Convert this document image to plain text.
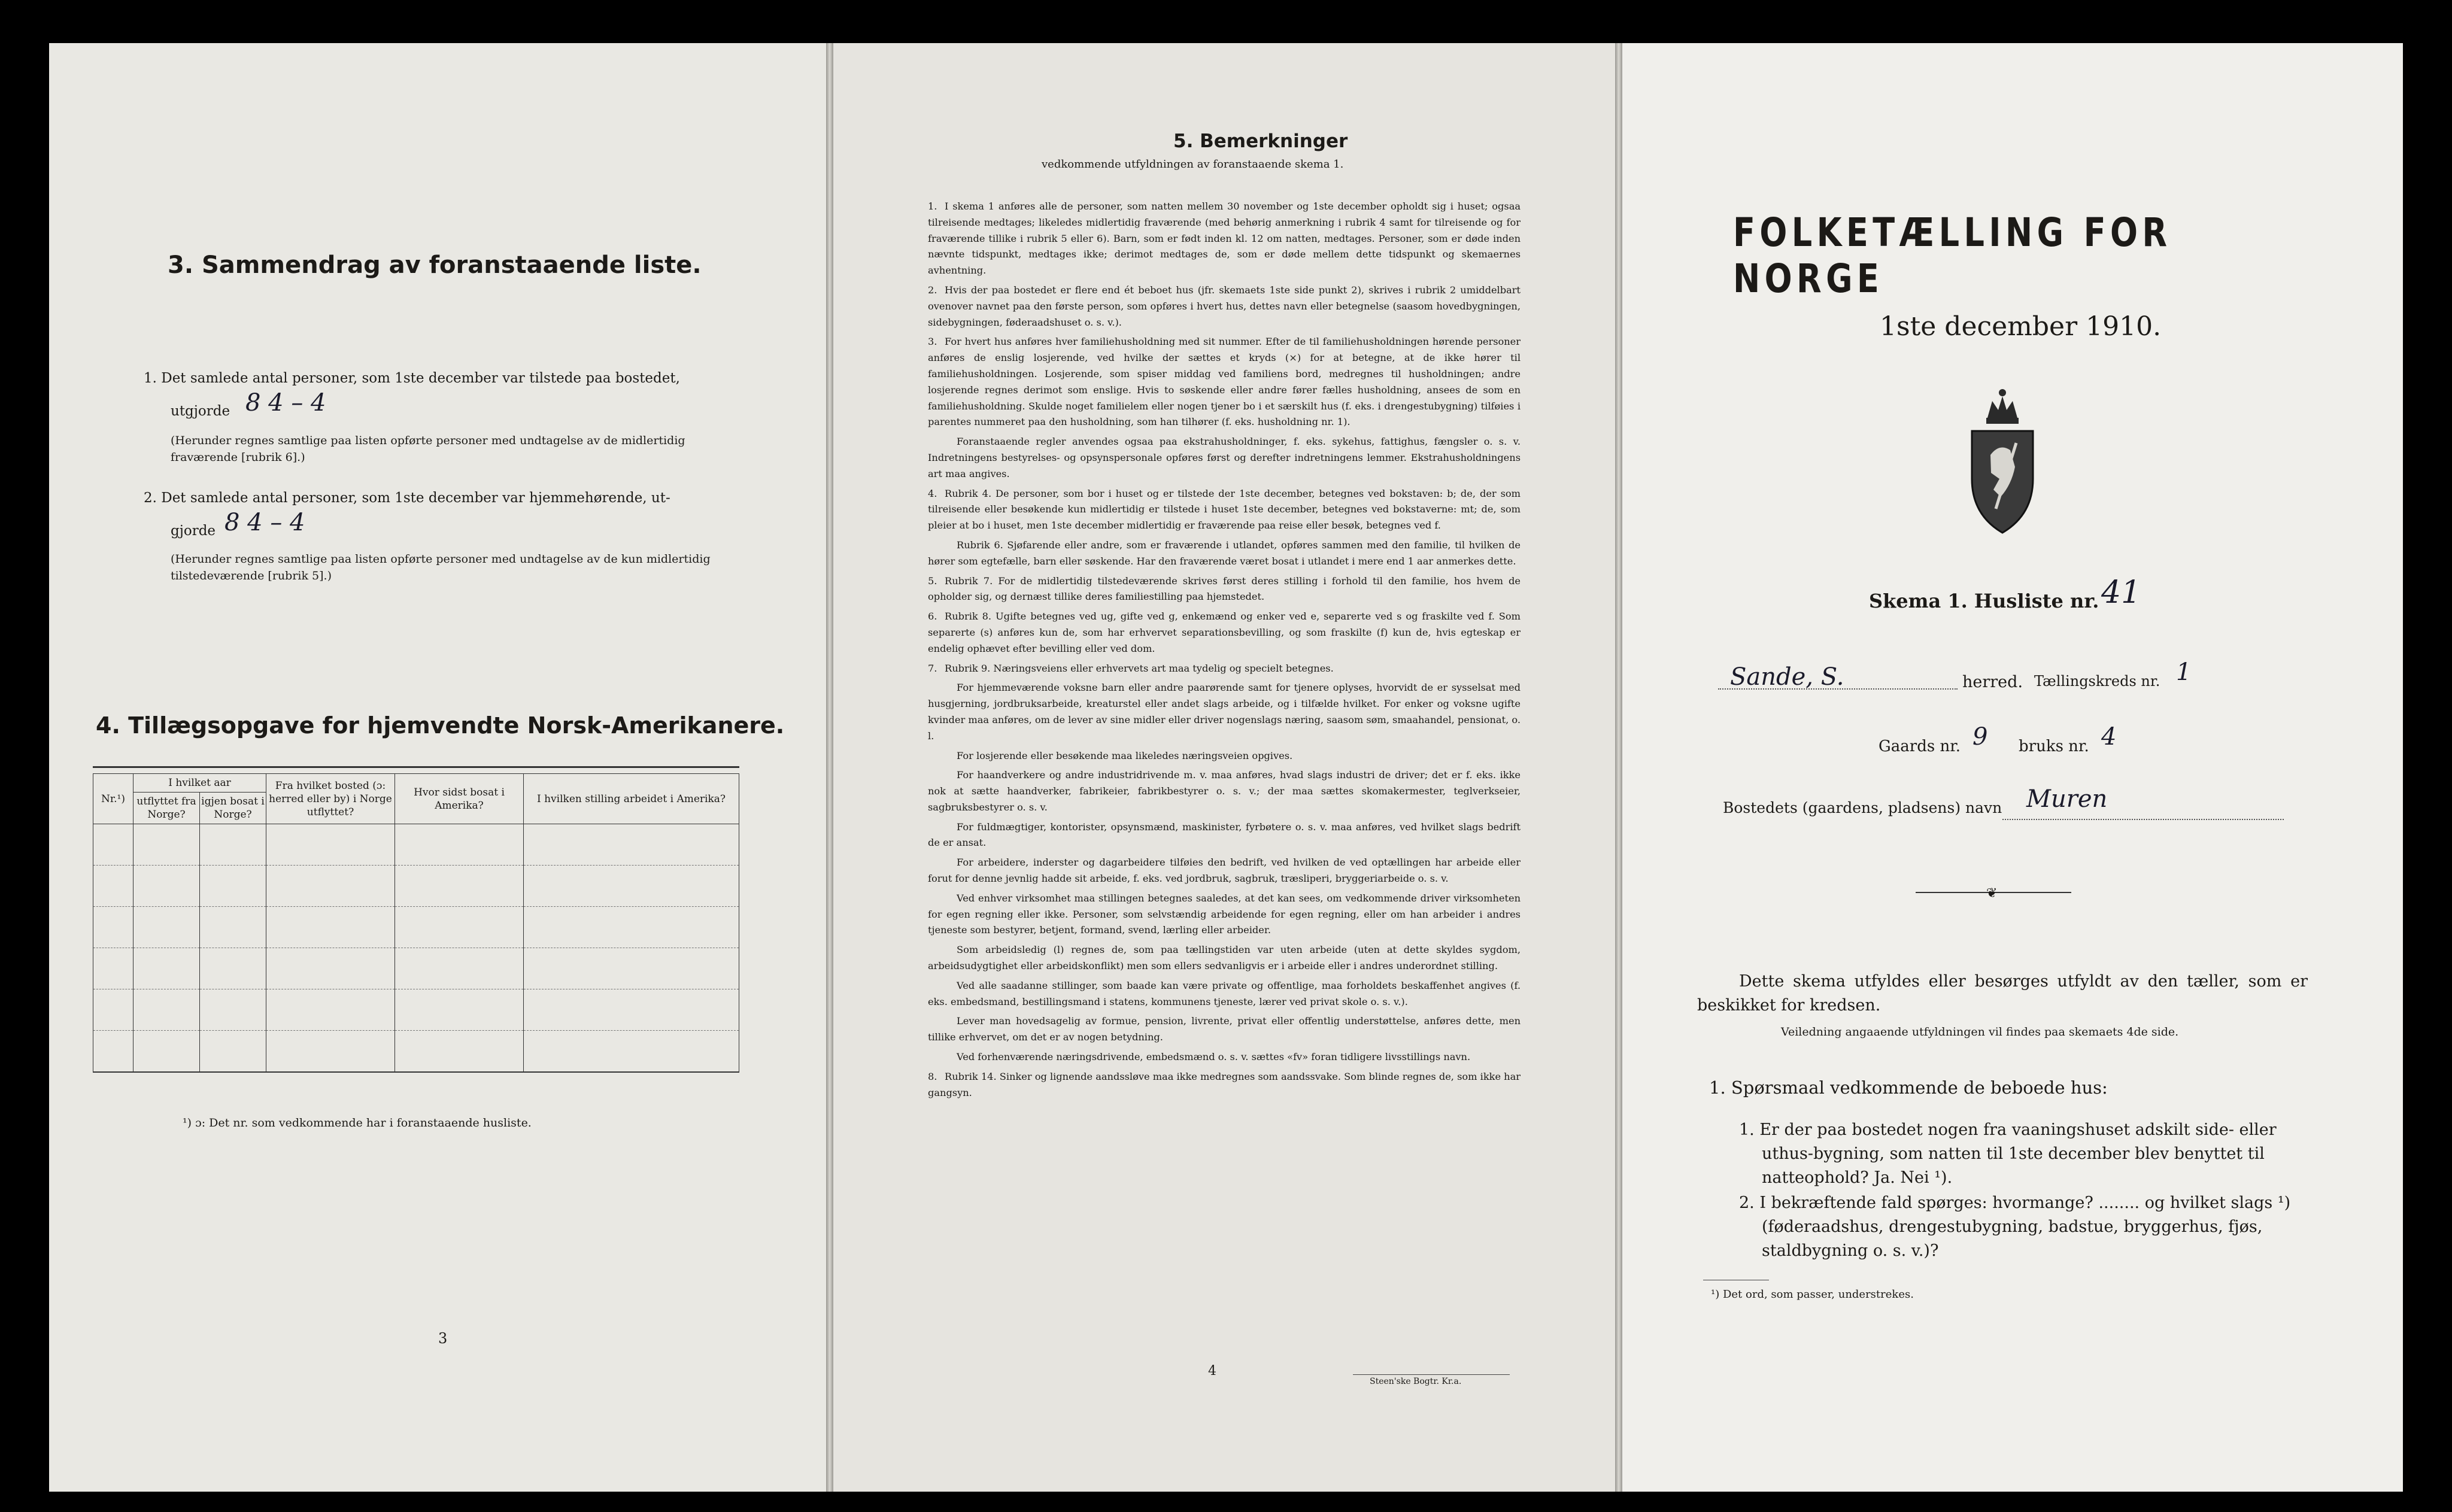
3. Sammendrag av foranstaaende liste.
1. Det samlede antal personer, som 1ste december var tilstede paa bostedet,
utgjorde 8 4 – 4
(Herunder regnes samtlige paa listen opførte personer med undtagelse av de midlertidig fraværende [rubrik 6].)
2. Det samlede antal personer, som 1ste december var hjemmehørende, ut-
gjorde 8 4 – 4
(Herunder regnes samtlige paa listen opførte personer med undtagelse av de kun midlertidig tilstedeværende [rubrik 5].)
4. Tillægsopgave for hjemvendte Norsk-Amerikanere.
Nr.¹)	I hvilket aar		Fra hvilket bosted (ɔ: herred eller by) i Norge utflyttet?	Hvor sidst bosat i Amerika?	I hvilken stilling arbeidet i Amerika?
	utflyttet fra Norge?	igjen bosat i Norge?			

¹) ɔ: Det nr. som vedkommende har i foranstaaende husliste.
3
5. Bemerkninger
vedkommende utfyldningen av foranstaaende skema 1.

1. I skema 1 anføres alle de personer, som natten mellem 30 november og 1ste december opholdt sig i huset; ogsaa tilreisende medtages; likeledes midlertidig fraværende (med behørig anmerkning i rubrik 4 samt for tilreisende og for fraværende tillike i rubrik 5 eller 6). Barn, som er født inden kl. 12 om natten, medtages. Personer, som er døde inden nævnte tidspunkt, medtages ikke; derimot medtages de, som er døde mellem dette tidspunkt og skemaernes avhentning.

2. Hvis der paa bostedet er flere end ét beboet hus (jfr. skemaets 1ste side punkt 2), skrives i rubrik 2 umiddelbart ovenover navnet paa den første person, som opføres i hvert hus, dettes navn eller betegnelse (saasom hovedbygningen, sidebygningen, føderaadshuset o. s. v.).

3. For hvert hus anføres hver familiehusholdning med sit nummer. Efter de til familiehusholdningen hørende personer anføres de enslig losjerende, ved hvilke der sættes et kryds (×) for at betegne, at de ikke hører til familiehusholdningen. Losjerende, som spiser middag ved familiens bord, medregnes til husholdningen; andre losjerende regnes derimot som enslige. Hvis to søskende eller andre fører fælles husholdning, ansees de som en familiehusholdning. Skulde noget familielem eller nogen tjener bo i et særskilt hus (f. eks. i drengestubygning) tilføies i parentes nummeret paa den husholdning, som han tilhører (f. eks. husholdning nr. 1).

Foranstaaende regler anvendes ogsaa paa ekstrahusholdninger, f. eks. sykehus, fattighus, fængsler o. s. v. Indretningens bestyrelses- og opsynspersonale opføres først og derefter indretningens lemmer. Ekstrahusholdningens art maa angives.

4. Rubrik 4. De personer, som bor i huset og er tilstede der 1ste december, betegnes ved bokstaven: b; de, der som tilreisende eller besøkende kun midlertidig er tilstede i huset 1ste december, betegnes ved bokstaverne: mt; de, som pleier at bo i huset, men 1ste december midlertidig er fraværende paa reise eller besøk, betegnes ved f.

Rubrik 6. Sjøfarende eller andre, som er fraværende i utlandet, opføres sammen med den familie, til hvilken de hører som egtefælle, barn eller søskende. Har den fraværende været bosat i utlandet i mere end 1 aar anmerkes dette.

5. Rubrik 7. For de midlertidig tilstedeværende skrives først deres stilling i forhold til den familie, hos hvem de opholder sig, og dernæst tillike deres familiestilling paa hjemstedet.

6. Rubrik 8. Ugifte betegnes ved ug, gifte ved g, enkemænd og enker ved e, separerte ved s og fraskilte ved f. Som separerte (s) anføres kun de, som har erhvervet separationsbevilling, og som fraskilte (f) kun de, hvis egteskap er endelig ophævet efter bevilling eller ved dom.

7. Rubrik 9. Næringsveiens eller erhvervets art maa tydelig og specielt betegnes.

For hjemmeværende voksne barn eller andre paarørende samt for tjenere oplyses, hvorvidt de er sysselsat med husgjerning, jordbruksarbeide, kreaturstel eller andet slags arbeide, og i tilfælde hvilket. For enker og voksne ugifte kvinder maa anføres, om de lever av sine midler eller driver nogenslags næring, saasom søm, smaahandel, pensionat, o. l.

For losjerende eller besøkende maa likeledes næringsveien opgives.

For haandverkere og andre industridrivende m. v. maa anføres, hvad slags industri de driver; det er f. eks. ikke nok at sætte haandverker, fabrikeier, fabrikbestyrer o. s. v.; der maa sættes skomakermester, teglverkseier, sagbruksbestyrer o. s. v.

For fuldmægtiger, kontorister, opsynsmænd, maskinister, fyrbøtere o. s. v. maa anføres, ved hvilket slags bedrift de er ansat.

For arbeidere, inderster og dagarbeidere tilføies den bedrift, ved hvilken de ved optællingen har arbeide eller forut for denne jevnlig hadde sit arbeide, f. eks. ved jordbruk, sagbruk, træsliperi, bryggeriarbeide o. s. v.

Ved enhver virksomhet maa stillingen betegnes saaledes, at det kan sees, om vedkommende driver virksomheten for egen regning eller ikke. Personer, som selvstændig arbeidende for egen regning, eller om han arbeider i andres tjeneste som bestyrer, betjent, formand, svend, lærling eller arbeider.

Som arbeidsledig (l) regnes de, som paa tællingstiden var uten arbeide (uten at dette skyldes sygdom, arbeidsudygtighet eller arbeidskonflikt) men som ellers sedvanligvis er i arbeide eller i andres underordnet stilling.

Ved alle saadanne stillinger, som baade kan være private og offentlige, maa forholdets beskaffenhet angives (f. eks. embedsmand, bestillingsmand i statens, kommunens tjeneste, lærer ved privat skole o. s. v.).

Lever man hovedsagelig av formue, pension, livrente, privat eller offentlig understøttelse, anføres dette, men tillike erhvervet, om det er av nogen betydning.

Ved forhenværende næringsdrivende, embedsmænd o. s. v. sættes «fv» foran tidligere livsstillings navn.

8. Rubrik 14. Sinker og lignende aandssløve maa ikke medregnes som aandssvake. Som blinde regnes de, som ikke har gangsyn.

4
Steen'ske Bogtr. Kr.a.
FOLKETÆLLING FOR NORGE
1ste december 1910.
Skema 1. Husliste nr. 41
Sande, S.	herred. Tællingskreds nr. 1
Gaards nr. 9 bruks nr. 4
Bostedets (gaardens, pladsens) navn Muren
❦
Dette skema utfyldes eller besørges utfyldt av den tæller, som er beskikket for kredsen.
Veiledning angaaende utfyldningen vil findes paa skemaets 4de side.
1. Spørsmaal vedkommende de beboede hus:
1. Er der paa bostedet nogen fra vaaningshuset adskilt side- eller uthus-bygning, som natten til 1ste december blev benyttet til natteophold? Ja. Nei ¹).
2. I bekræftende fald spørges: hvormange? ........ og hvilket slags ¹) (føderaadshus, drengestubygning, badstue, bryggerhus, fjøs, staldbygning o. s. v.)?
¹) Det ord, som passer, understrekes.
